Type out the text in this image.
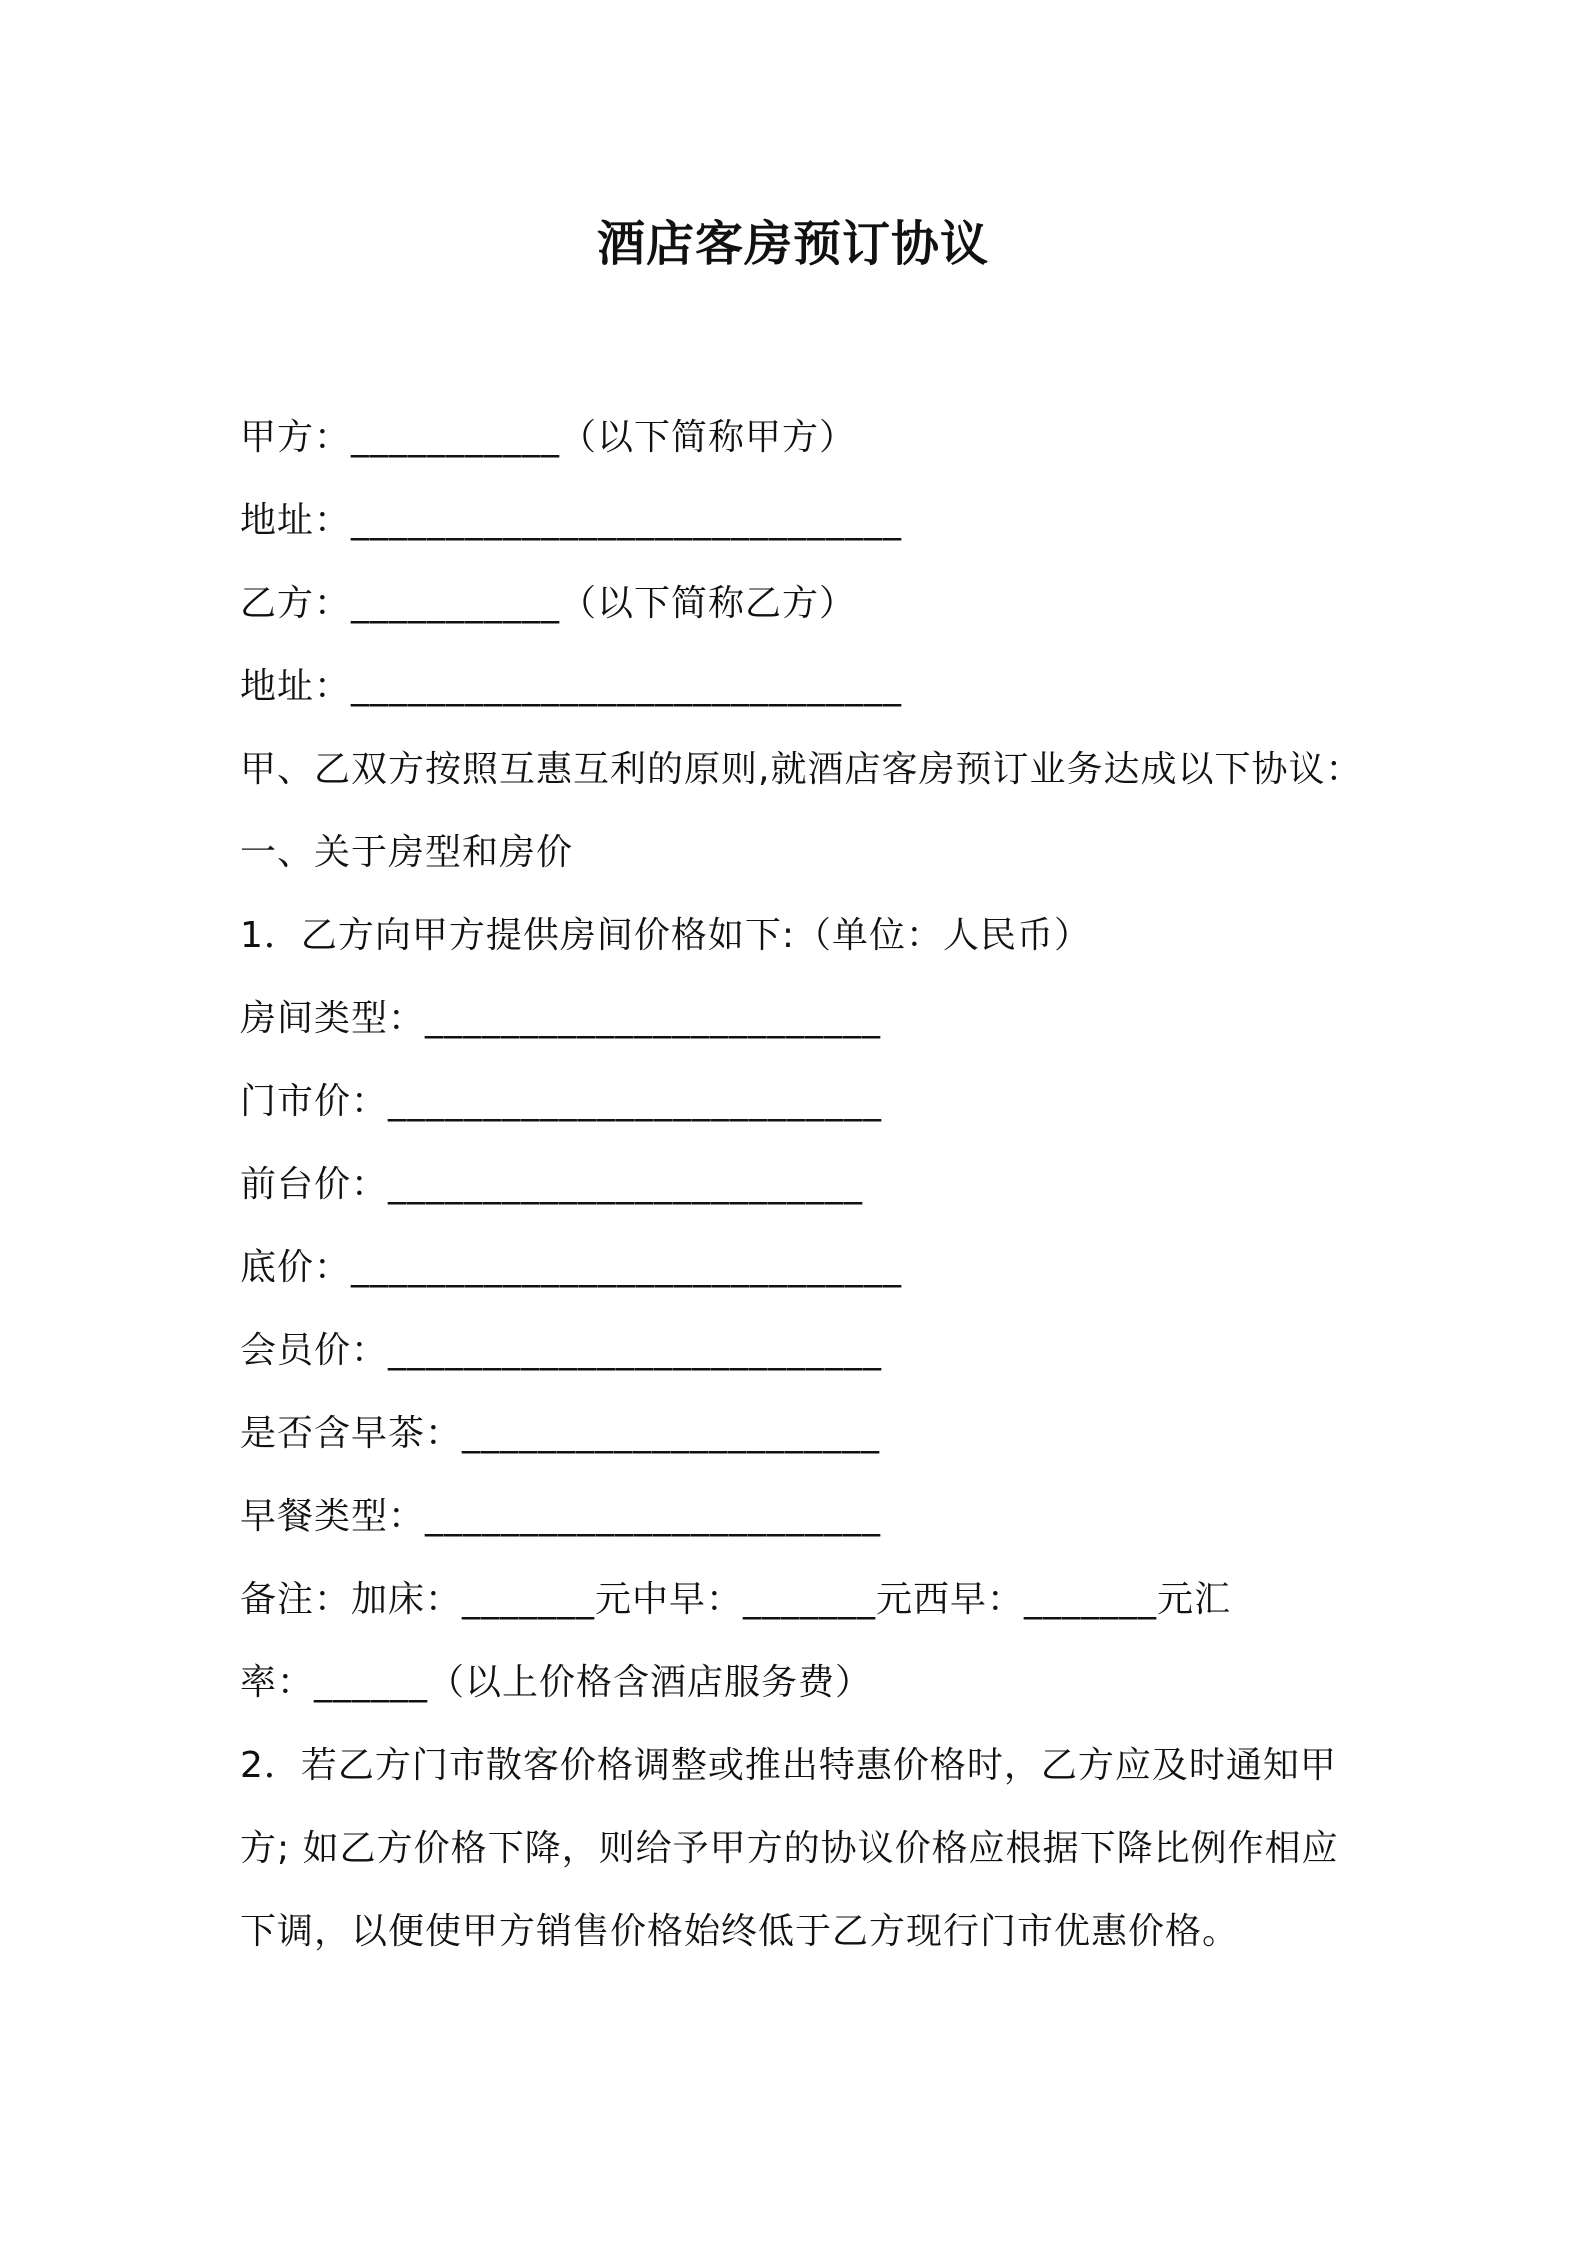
酒店客房预订协议
甲方：___________（以下简称甲方）
地址：_____________________________
乙方：___________（以下简称乙方）
地址：_____________________________
甲、乙双方按照互惠互利的原则,就酒店客房预订业务达成以下协议：
一、关于房型和房价
1．乙方向甲方提供房间价格如下:（单位：人民币）
房间类型：________________________
门市价：__________________________
前台价：_________________________
底价：_____________________________
会员价：__________________________
是否含早茶：______________________
早餐类型：________________________
备注：加床：_______元中早：_______元西早：_______元汇
率：______（以上价格含酒店服务费）
2．若乙方门市散客价格调整或推出特惠价格时，乙方应及时通知甲
方; 如乙方价格下降，则给予甲方的协议价格应根据下降比例作相应
下调，以便使甲方销售价格始终低于乙方现行门市优惠价格。
